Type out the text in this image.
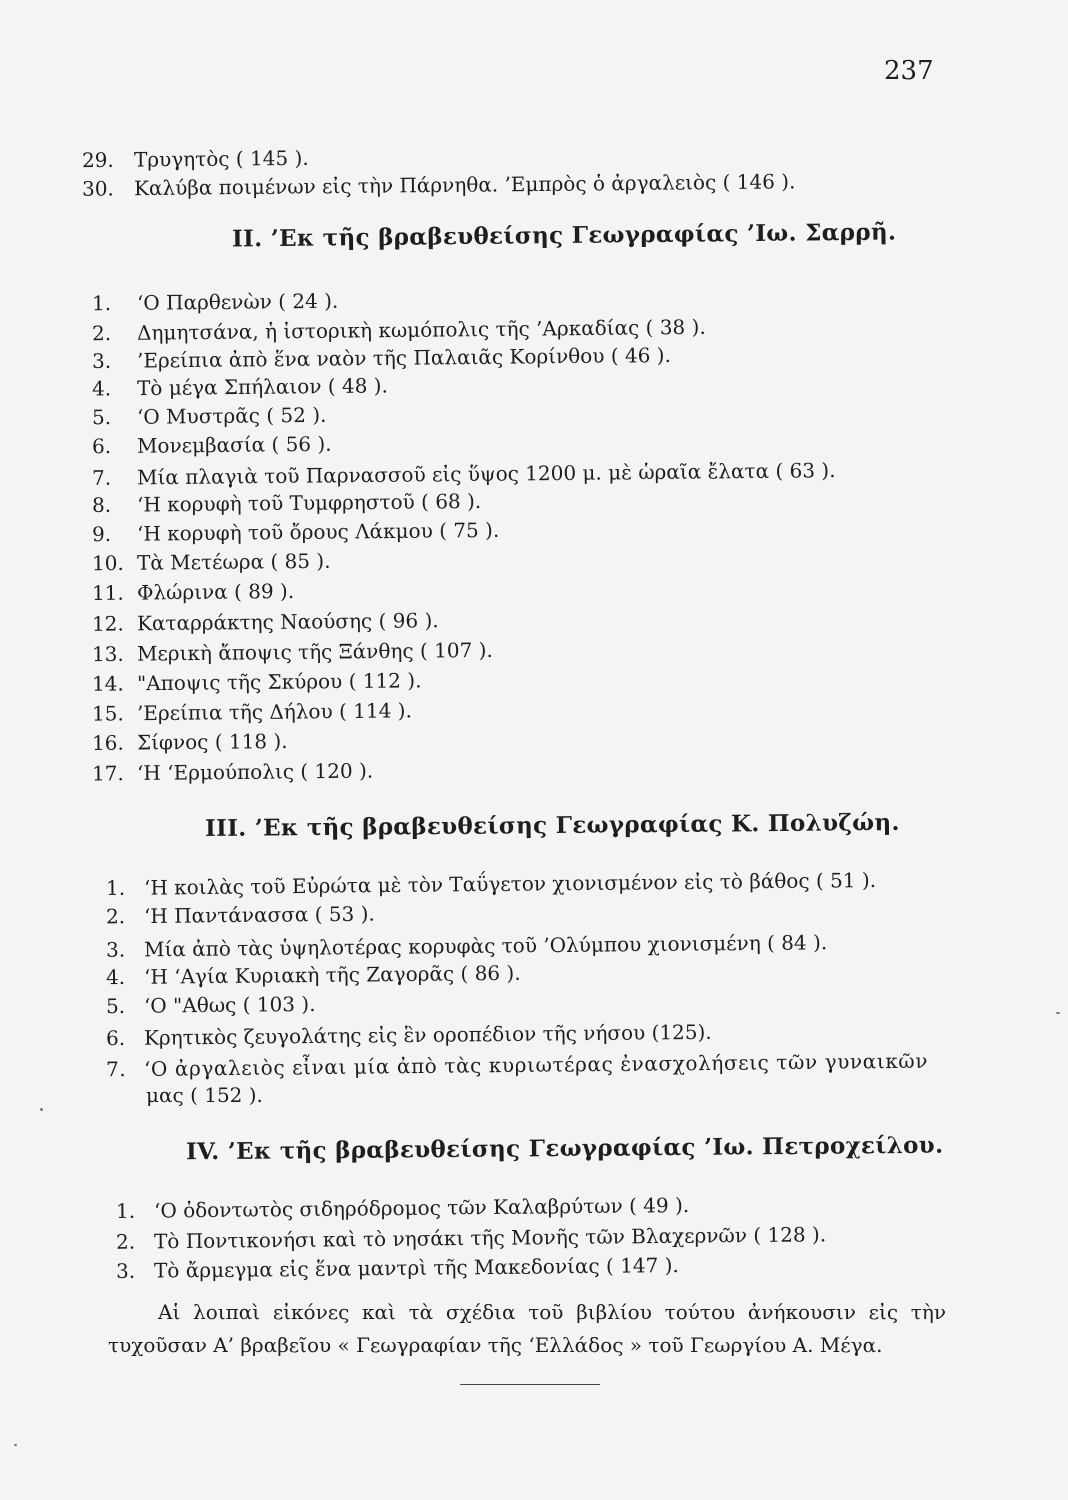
237
29. Τρυγητὸς ( 145 ).
30. Καλύβα ποιμένων εἰς τὴν Πάρνηθα. ’Εμπρὸς ὁ ἀργαλειὸς ( 146 ).
II. ’Εκ τῆς βραβευθείσης Γεωγραφίας ’Ιω. Σαρρῆ.
1. ‘Ο Παρθενὼν ( 24 ).
2. Δημητσάνα, ἡ ἱστορικὴ κωμόπολις τῆς ’Αρκαδίας ( 38 ).
3. ’Ερείπια ἀπὸ ἕνα ναὸν τῆς Παλαιᾶς Κορίνθου ( 46 ).
4. Τὸ μέγα Σπήλαιον ( 48 ).
5. ‘Ο Μυστρᾶς ( 52 ).
6. Μονεμβασία ( 56 ).
7. Μία πλαγιὰ τοῦ Παρνασσοῦ εἰς ὕψος 1200 μ. μὲ ὡραῖα ἔλατα ( 63 ).
8. ‘Η κορυφὴ τοῦ Τυμφρηστοῦ ( 68 ).
9. ‘Η κορυφὴ τοῦ ὄρους Λάκμου ( 75 ).
10. Τὰ Μετέωρα ( 85 ).
11. Φλώρινα ( 89 ).
12. Καταρράκτης Ναούσης ( 96 ).
13. Μερικὴ ἄποψις τῆς Ξάνθης ( 107 ).
14. "Αποψις τῆς Σκύρου ( 112 ).
15. ’Ερείπια τῆς Δήλου ( 114 ).
16. Σίφνος ( 118 ).
17. ‘Η ‘Ερμούπολις ( 120 ).
III. ’Εκ τῆς βραβευθείσης Γεωγραφίας Κ. Πολυζώη.
1. ‘Η κοιλὰς τοῦ Εὐρώτα μὲ τὸν Ταΰγετον χιονισμένον εἰς τὸ βάθος ( 51 ).
2. ‘Η Παντάνασσα ( 53 ).
3. Μία ἀπὸ τὰς ὑψηλοτέρας κορυφὰς τοῦ ’Ολύμπου χιονισμένη ( 84 ).
4. ‘Η ‘Αγία Κυριακὴ τῆς Ζαγορᾶς ( 86 ).
5. ‘Ο "Αθως ( 103 ).
6. Κρητικὸς ζευγολάτης εἰς ἓν οροπέδιον τῆς νήσου (125).
7. ‘Ο ἀργαλειὸς εἶναι μία ἀπὸ τὰς κυριωτέρας ἐνασχολήσεις τῶν γυναικῶν
μας ( 152 ).
IV. ’Εκ τῆς βραβευθείσης Γεωγραφίας ’Ιω. Πετροχείλου.
1. ‘Ο ὀδοντωτὸς σιδηρόδρομος τῶν Καλαβρύτων ( 49 ).
2. Τὸ Ποντικονήσι καὶ τὸ νησάκι τῆς Μονῆς τῶν Βλαχερνῶν ( 128 ).
3. Τὸ ἄρμεγμα εἰς ἕνα μαντρὶ τῆς Μακεδονίας ( 147 ).
Αἱ λοιπαὶ εἰκόνες καὶ τὰ σχέδια τοῦ βιβλίου τούτου ἀνήκουσιν εἰς τὴν τυχοῦσαν Α’ βραβεῖου « Γεωγραφίαν τῆς ‘Ελλάδος » τοῦ Γεωργίου Α. Μέγα.
